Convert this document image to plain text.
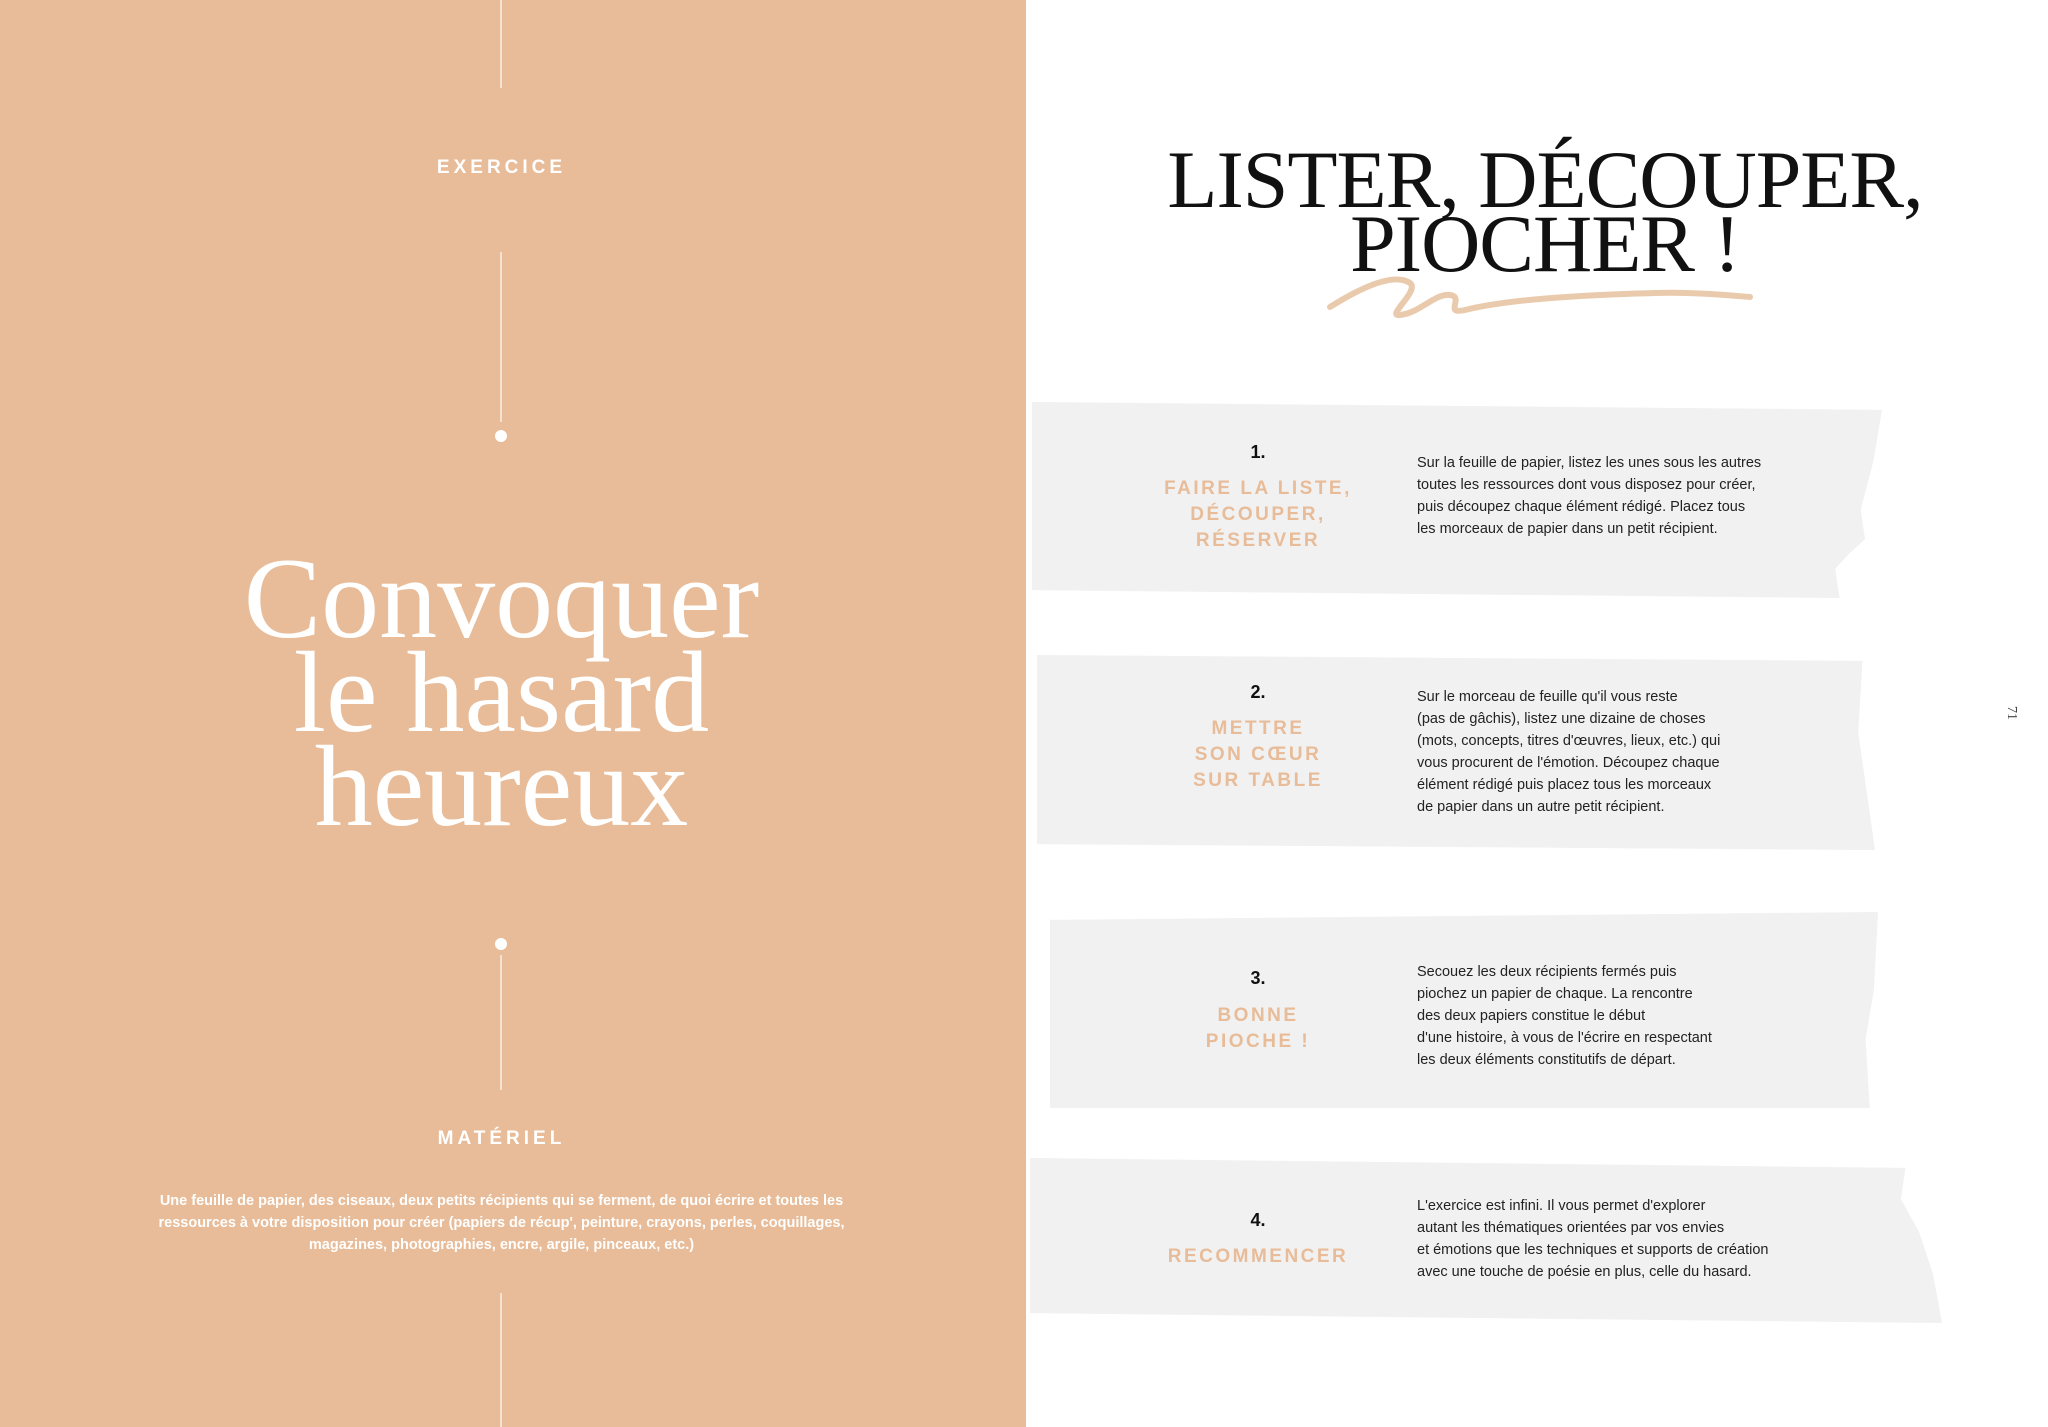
EXERCICE
Convoquer
le hasard
heureux
MATÉRIEL
Une feuille de papier, des ciseaux, deux petits récipients qui se ferment, de quoi écrire et toutes les ressources à votre disposition pour créer (papiers de récup', peinture, crayons, perles, coquillages, magazines, photographies, encre, argile, pinceaux, etc.)
LISTER, DÉCOUPER,
PIOCHER !
1.
FAIRE LA LISTE,
DÉCOUPER,
RÉSERVER
Sur la feuille de papier, listez les unes sous les autres
toutes les ressources dont vous disposez pour créer,
puis découpez chaque élément rédigé. Placez tous
les morceaux de papier dans un petit récipient.
2.
METTRE
SON CŒUR
SUR TABLE
Sur le morceau de feuille qu'il vous reste
(pas de gâchis), listez une dizaine de choses
(mots, concepts, titres d'œuvres, lieux, etc.) qui
vous procurent de l'émotion. Découpez chaque
élément rédigé puis placez tous les morceaux
de papier dans un autre petit récipient.
3.
BONNE
PIOCHE !
Secouez les deux récipients fermés puis
piochez un papier de chaque. La rencontre
des deux papiers constitue le début
d'une histoire, à vous de l'écrire en respectant
les deux éléments constitutifs de départ.
4.
RECOMMENCER
L'exercice est infini. Il vous permet d'explorer
autant les thématiques orientées par vos envies
et émotions que les techniques et supports de création
avec une touche de poésie en plus, celle du hasard.
71
